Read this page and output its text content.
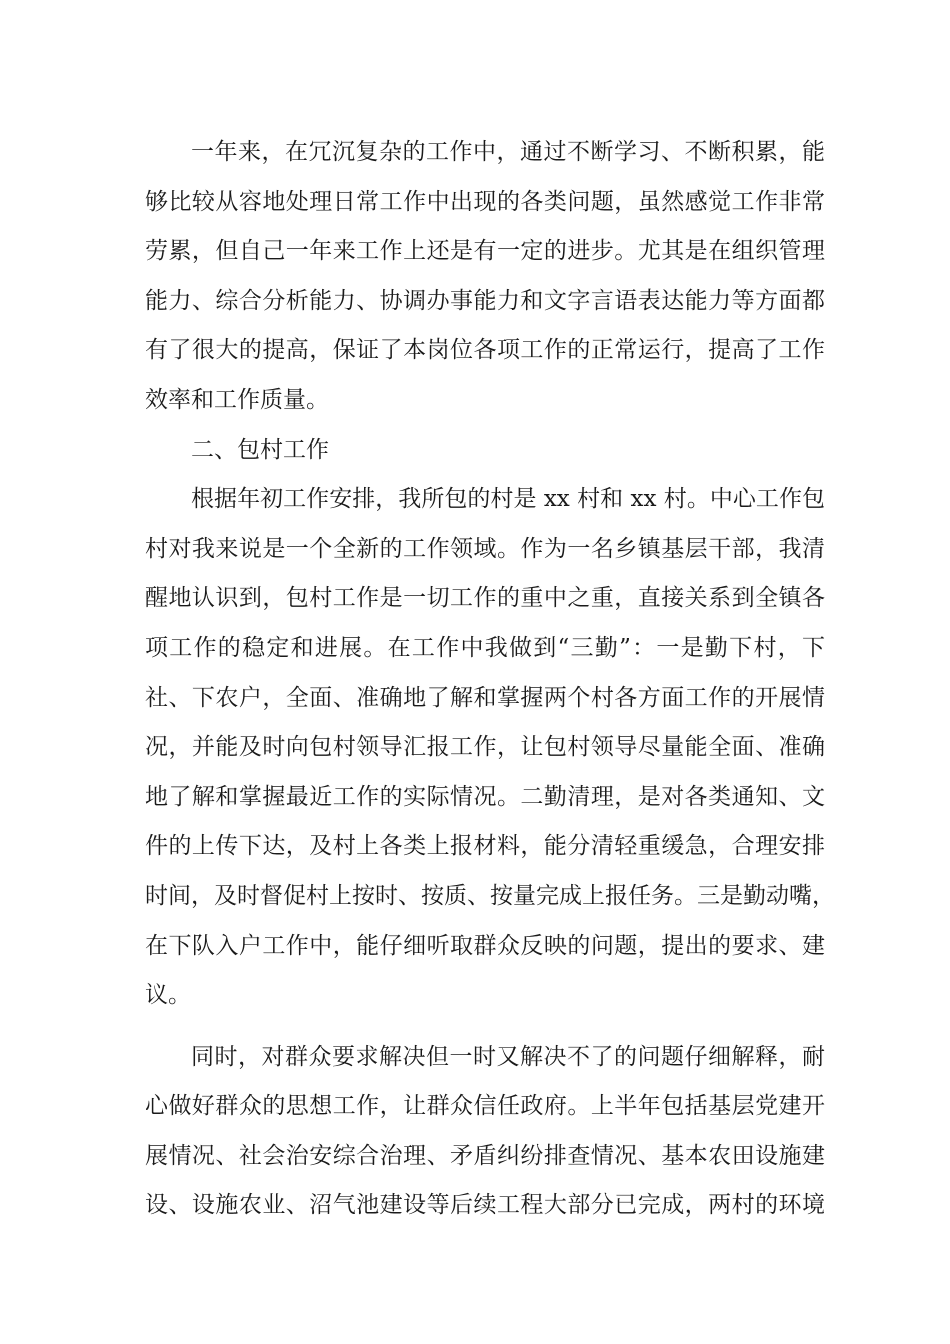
一年来，在冗沉复杂的工作中，通过不断学习、不断积累，能
够比较从容地处理日常工作中出现的各类问题，虽然感觉工作非常
劳累，但自己一年来工作上还是有一定的进步。尤其是在组织管理
能力、综合分析能力、协调办事能力和文字言语表达能力等方面都
有了很大的提高，保证了本岗位各项工作的正常运行，提高了工作
效率和工作质量。
二、包村工作
根据年初工作安排，我所包的村是 xx 村和 xx 村。中心工作包
村对我来说是一个全新的工作领域。作为一名乡镇基层干部，我清
醒地认识到，包村工作是一切工作的重中之重，直接关系到全镇各
项工作的稳定和进展。在工作中我做到“三勤”：一是勤下村，下
社、下农户，全面、准确地了解和掌握两个村各方面工作的开展情
况，并能及时向包村领导汇报工作，让包村领导尽量能全面、准确
地了解和掌握最近工作的实际情况。二勤清理，是对各类通知、文
件的上传下达，及村上各类上报材料，能分清轻重缓急，合理安排
时间，及时督促村上按时、按质、按量完成上报任务。三是勤动嘴，
在下队入户工作中，能仔细听取群众反映的问题，提出的要求、建
议。
同时，对群众要求解决但一时又解决不了的问题仔细解释，耐
心做好群众的思想工作，让群众信任政府。上半年包括基层党建开
展情况、社会治安综合治理、矛盾纠纷排查情况、基本农田设施建
设、设施农业、沼气池建设等后续工程大部分已完成，两村的环境
